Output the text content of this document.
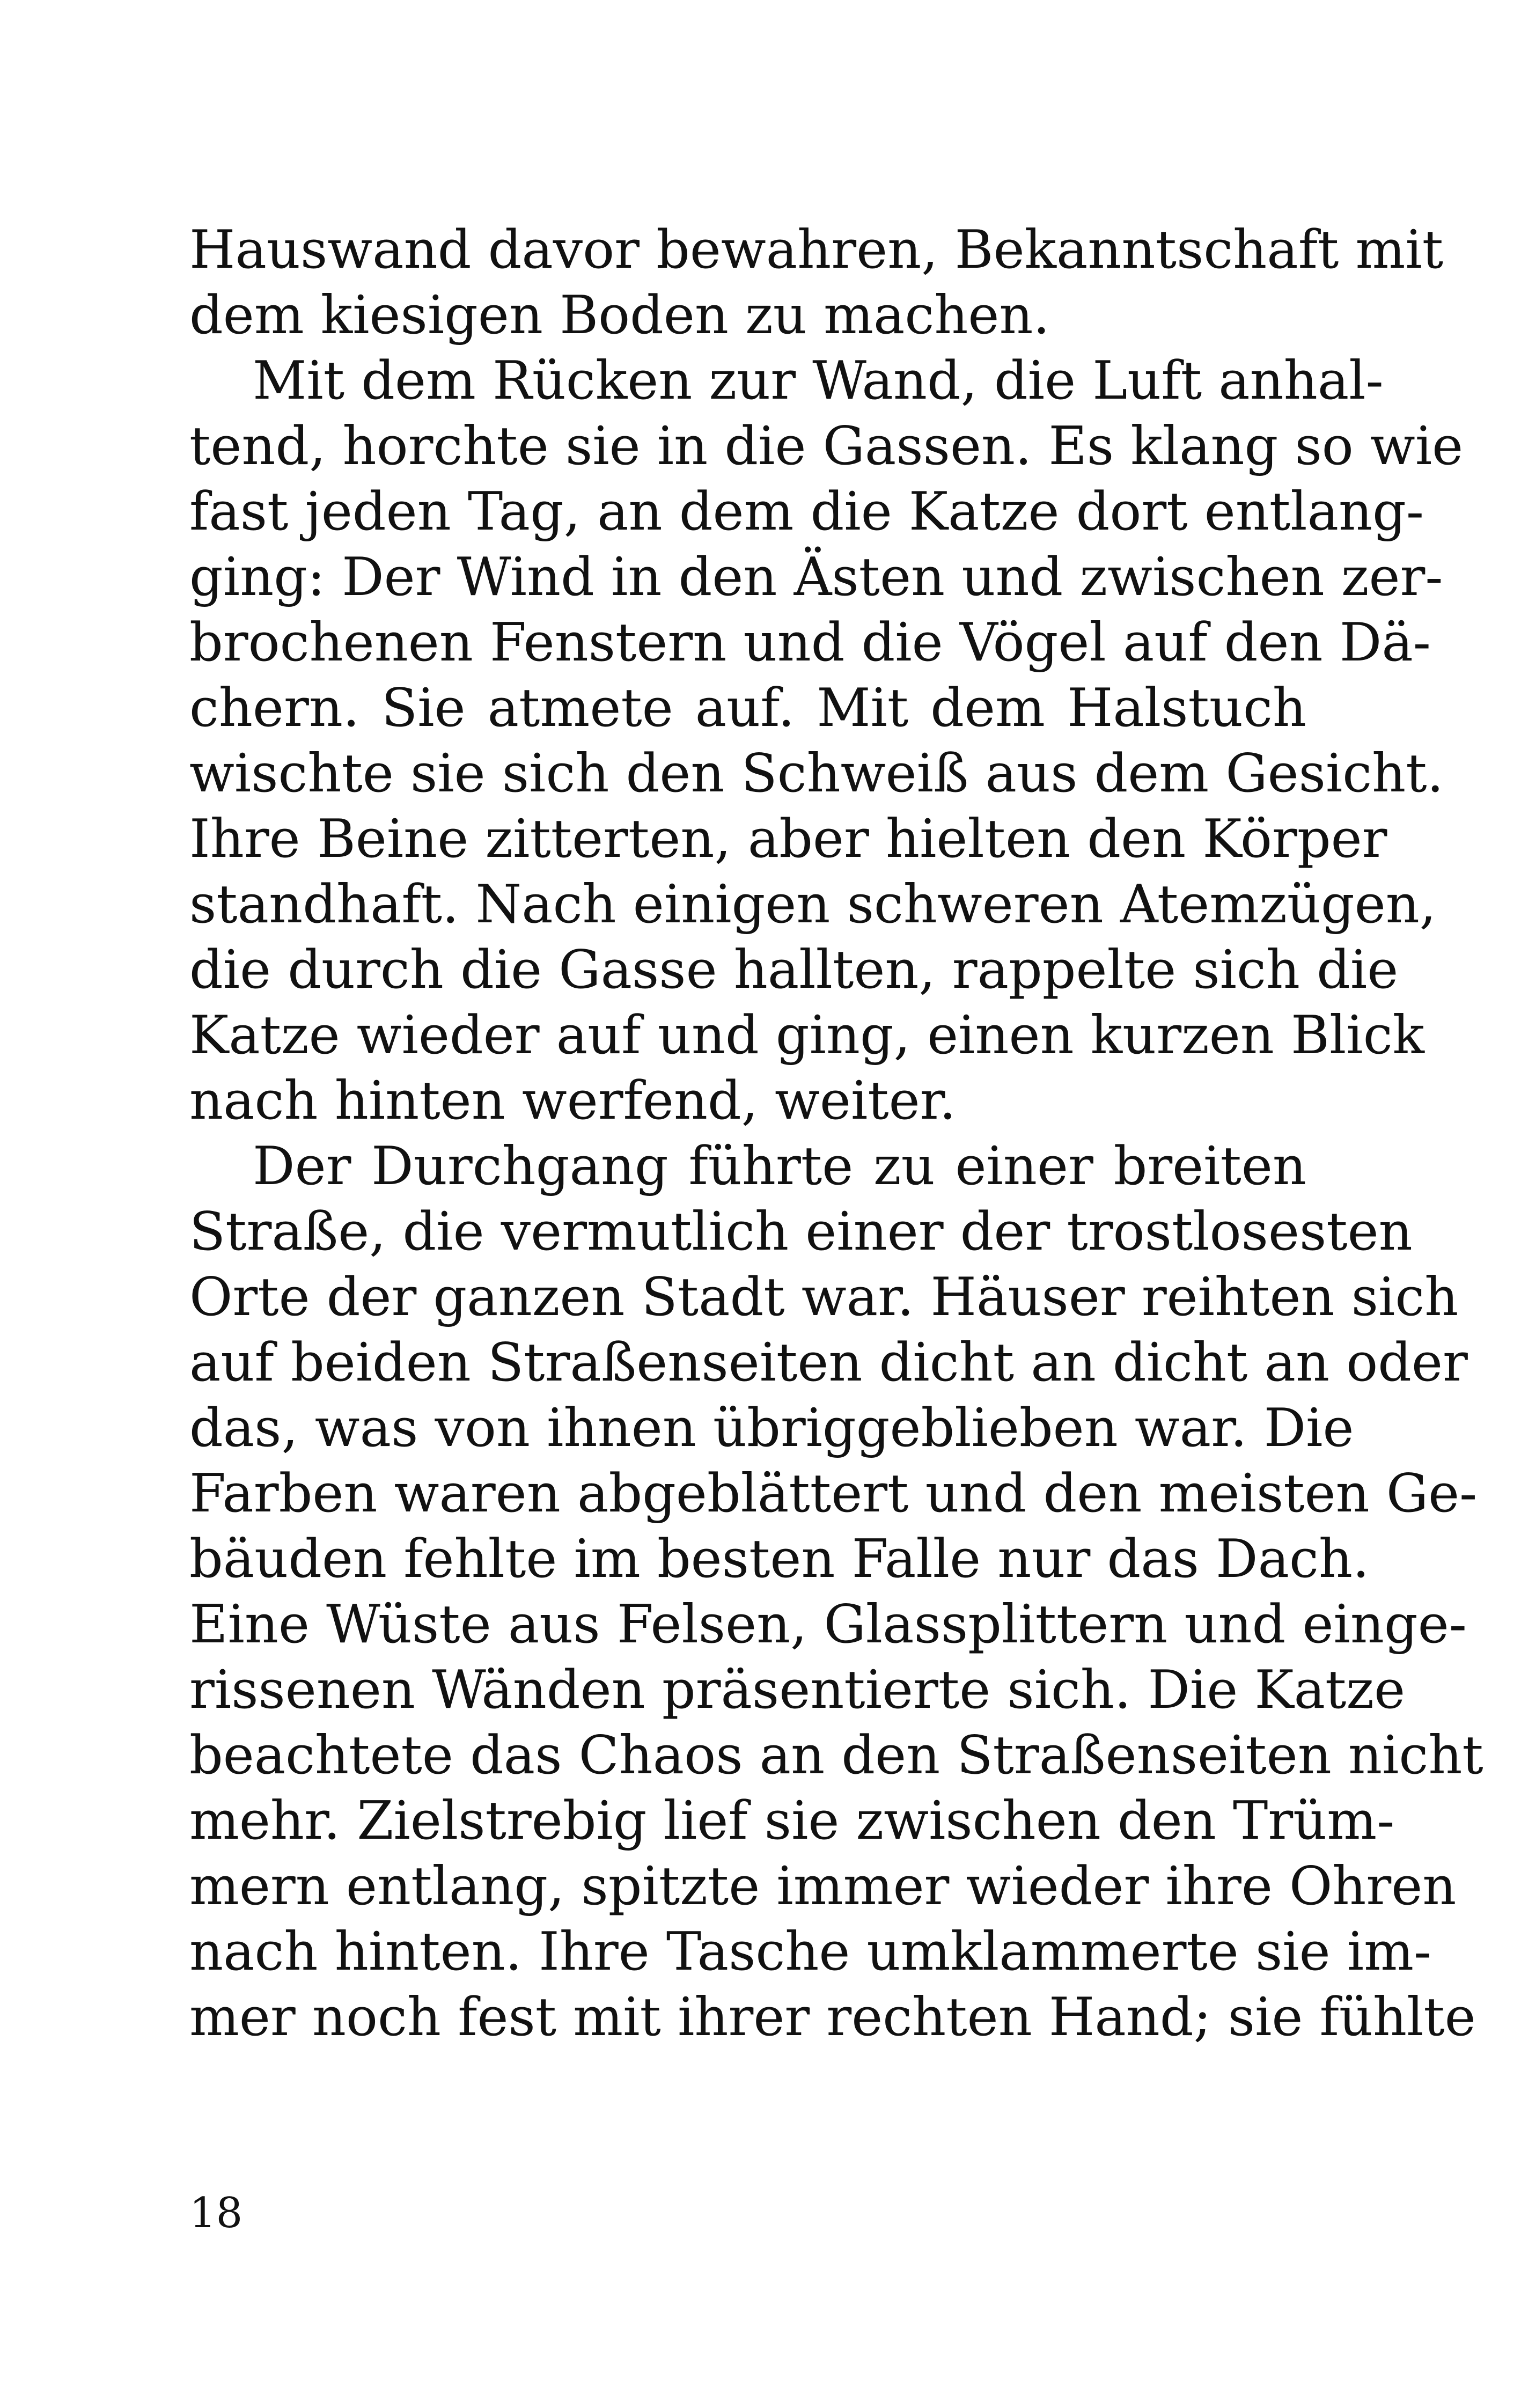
Hauswand davor bewahren, Bekanntschaft mit
dem kiesigen Boden zu machen.
Mit dem Rücken zur Wand, die Luft anhal-
tend, horchte sie in die Gassen. Es klang so wie
fast jeden Tag, an dem die Katze dort entlang-
ging: Der Wind in den Ästen und zwischen zer-
brochenen Fenstern und die Vögel auf den Dä-
chern. Sie atmete auf. Mit dem Halstuch
wischte sie sich den Schweiß aus dem Gesicht.
Ihre Beine zitterten, aber hielten den Körper
standhaft. Nach einigen schweren Atemzügen,
die durch die Gasse hallten, rappelte sich die
Katze wieder auf und ging, einen kurzen Blick
nach hinten werfend, weiter.
Der Durchgang führte zu einer breiten
Straße, die vermutlich einer der trostlosesten
Orte der ganzen Stadt war. Häuser reihten sich
auf beiden Straßenseiten dicht an dicht an oder
das, was von ihnen übriggeblieben war. Die
Farben waren abgeblättert und den meisten Ge-
bäuden fehlte im besten Falle nur das Dach.
Eine Wüste aus Felsen, Glassplittern und einge-
rissenen Wänden präsentierte sich. Die Katze
beachtete das Chaos an den Straßenseiten nicht
mehr. Zielstrebig lief sie zwischen den Trüm-
mern entlang, spitzte immer wieder ihre Ohren
nach hinten. Ihre Tasche umklammerte sie im-
mer noch fest mit ihrer rechten Hand; sie fühlte
18
